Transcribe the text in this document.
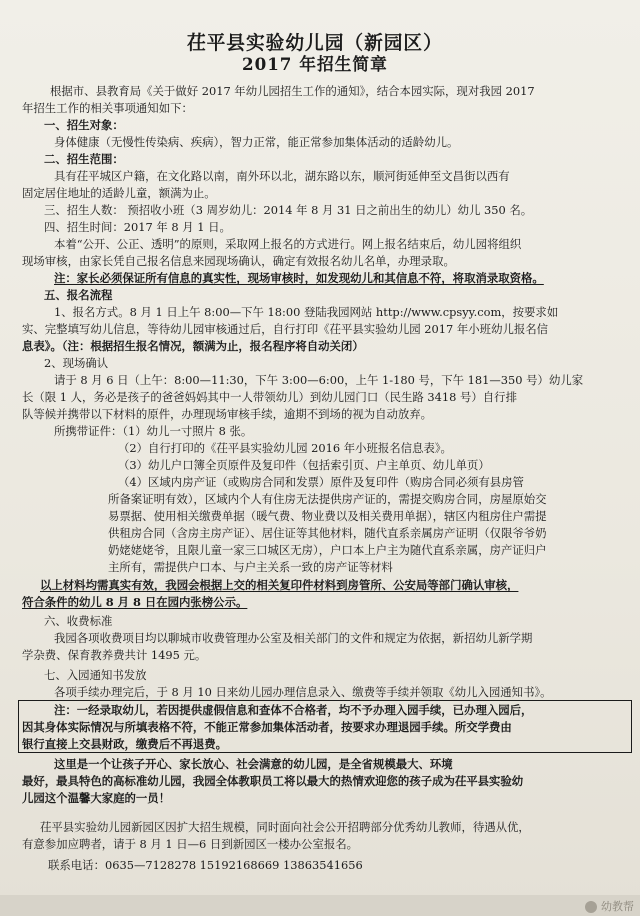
茌平县实验幼儿园（新园区）
2017 年招生简章
根据市、县教育局《关于做好 2017 年幼儿园招生工作的通知》，结合本园实际，现对我园 2017
年招生工作的相关事项通知如下：
一、招生对象：
身体健康（无慢性传染病、疾病），智力正常，能正常参加集体活动的适龄幼儿。
二、招生范围：
具有茌平城区户籍，在文化路以南，南外环以北，湖东路以东，顺河街延伸至文昌街以西有
固定居住地址的适龄儿童，额满为止。
三、招生人数： 预招收小班（3 周岁幼儿：2014 年 8 月 31 日之前出生的幼儿）幼儿 350 名。
四、招生时间：2017 年 8 月 1 日。
本着“公开、公正、透明”的原则，采取网上报名的方式进行。网上报名结束后，幼儿园将组织
现场审核，由家长凭自己报名信息来园现场确认，确定有效报名幼儿名单，办理录取。
注：家长必须保证所有信息的真实性，现场审核时，如发现幼儿和其信息不符，将取消录取资格。
五、报名流程
1、报名方式。8 月 1 日上午 8:00—下午 18:00 登陆我园网站 http://www.cpsyy.com，按要求如
实、完整填写幼儿信息，等待幼儿园审核通过后，自行打印《茌平县实验幼儿园 2017 年小班幼儿报名信
息表》。（注：根据招生报名情况，额满为止，报名程序将自动关闭）
2、现场确认
请于 8 月 6 日（上午：8:00—11:30，下午 3:00—6:00，上午 1-180 号，下午 181—350 号）幼儿家
长（限 1 人，务必是孩子的爸爸妈妈其中一人带领幼儿）到幼儿园门口（民生路 3418 号）自行排
队等候并携带以下材料的原件，办理现场审核手续，逾期不到场的视为自动放弃。
所携带证件：（1）幼儿一寸照片 8 张。
（2）自行打印的《茌平县实验幼儿园 2016 年小班报名信息表》。
（3）幼儿户口簿全页原件及复印件（包括索引页、户主单页、幼儿单页）
（4）区域内房产证（或购房合同和发票）原件及复印件（购房合同必须有县房管
所备案证明有效），区域内个人有住房无法提供房产证的，需提交购房合同，房屋原始交
易票据、使用相关缴费单据（暖气费、物业费以及相关费用单据），辖区内租房住户需提
供租房合同（含房主房产证）、居住证等其他材料，随代直系亲属房产证明（仅限爷爷奶
奶姥姥姥爷，且限儿童一家三口城区无房），户口本上户主为随代直系亲属，房产证归户
主所有，需提供户口本、与户主关系一致的房产证等材料
以上材料均需真实有效，我园会根据上交的相关复印件材料到房管所、公安局等部门确认审核，
符合条件的幼儿 8 月 8 日在园内张榜公示。
六、收费标准
我园各项收费项目均以聊城市收费管理办公室及相关部门的文件和规定为依据，新招幼儿新学期
学杂费、保育教养费共计 1495 元。
七、入园通知书发放
各项手续办理完后，于 8 月 10 日来幼儿园办理信息录入、缴费等手续并领取《幼儿入园通知书》。
注：一经录取幼儿，若因提供虚假信息和查体不合格者，均不予办理入园手续，已办理入园后，
因其身体实际情况与所填表格不符，不能正常参加集体活动者，按要求办理退园手续。所交学费由
银行直接上交县财政，缴费后不再退费。
这里是一个让孩子开心、家长放心、社会满意的幼儿园，是全省规模最大、环境
最好，最具特色的高标准幼儿园，我园全体教职员工将以最大的热情欢迎您的孩子成为茌平县实验幼
儿园这个温馨大家庭的一员！
茌平县实验幼儿园新园区因扩大招生规模，同时面向社会公开招聘部分优秀幼儿教师，待遇从优，
有意参加应聘者，请于 8 月 1 日—6 日到新园区一楼办公室报名。
联系电话：0635—7128278 15192168669 13863541656
幼教帮
